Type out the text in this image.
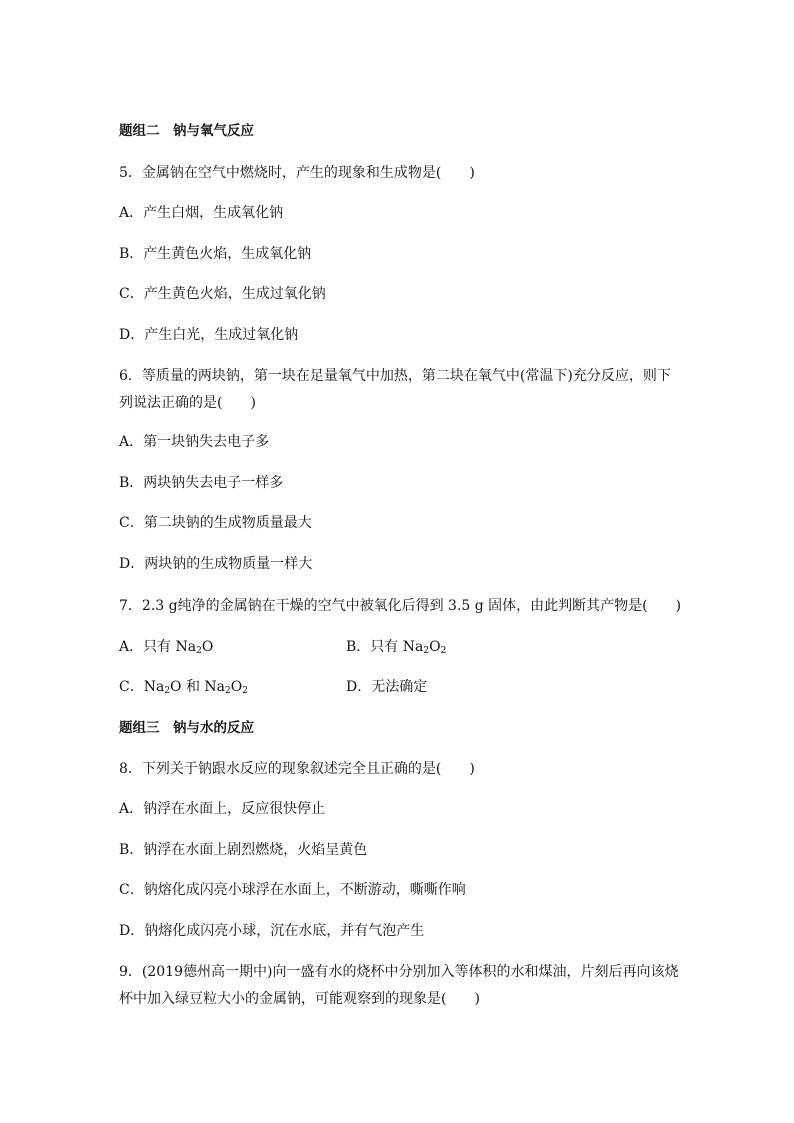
题组二　钠与氧气反应
5．金属钠在空气中燃烧时，产生的现象和生成物是(　　)
A．产生白烟，生成氧化钠
B．产生黄色火焰，生成氧化钠
C．产生黄色火焰，生成过氧化钠
D．产生白光，生成过氧化钠
6．等质量的两块钠，第一块在足量氧气中加热，第二块在氧气中(常温下)充分反应，则下
列说法正确的是(　　)
A．第一块钠失去电子多
B．两块钠失去电子一样多
C．第二块钠的生成物质量最大
D．两块钠的生成物质量一样大
7．2.3 g纯净的金属钠在干燥的空气中被氧化后得到 3.5 g 固体，由此判断其产物是(　　)
A．只有 $Na_2O$	B．只有 $Na_2O_2$
C．$Na_2O$ 和 $Na_2O_2$	D．无法确定
题组三　钠与水的反应
8．下列关于钠跟水反应的现象叙述完全且正确的是(　　)
A．钠浮在水面上，反应很快停止
B．钠浮在水面上剧烈燃烧，火焰呈黄色
C．钠熔化成闪亮小球浮在水面上，不断游动，嘶嘶作响
D．钠熔化成闪亮小球，沉在水底，并有气泡产生
9．(2019德州高一期中)向一盛有水的烧杯中分别加入等体积的水和煤油，片刻后再向该烧
杯中加入绿豆粒大小的金属钠，可能观察到的现象是(　　)
